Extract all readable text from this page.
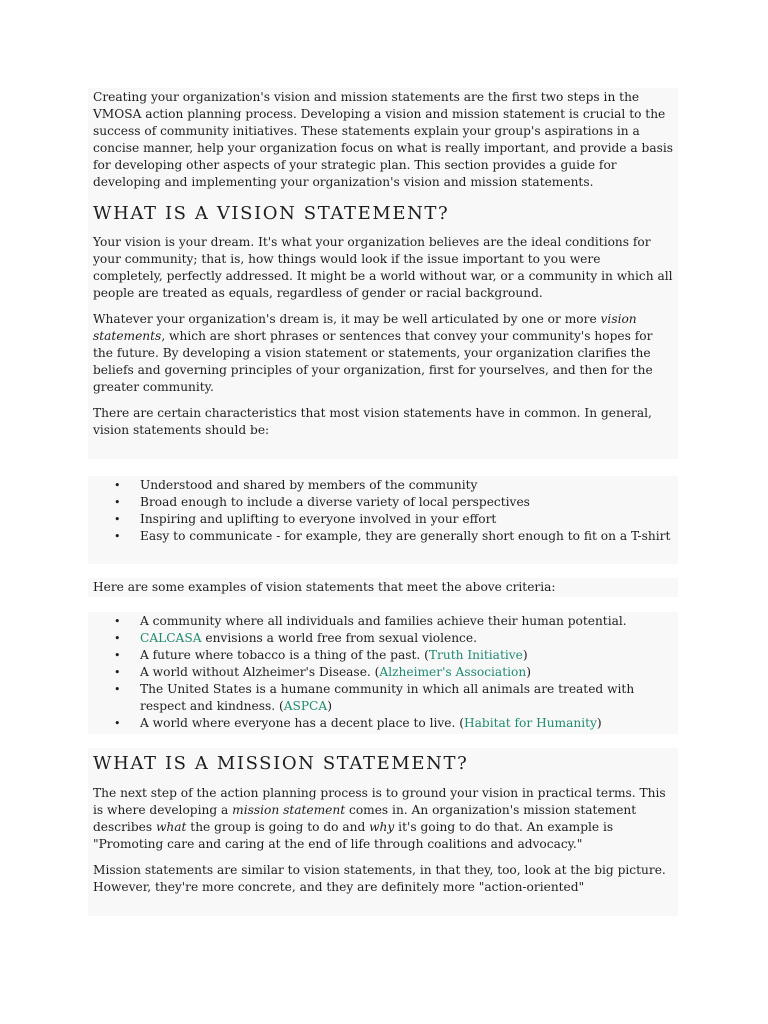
Creating your organization's vision and mission statements are the first two steps in the VMOSA action planning process. Developing a vision and mission statement is crucial to the success of community initiatives. These statements explain your group's aspirations in a concise manner, help your organization focus on what is really important, and provide a basis for developing other aspects of your strategic plan. This section provides a guide for developing and implementing your organization's vision and mission statements.

WHAT IS A VISION STATEMENT?

Your vision is your dream. It's what your organization believes are the ideal conditions for your community; that is, how things would look if the issue important to you were completely, perfectly addressed. It might be a world without war, or a community in which all people are treated as equals, regardless of gender or racial background.

Whatever your organization's dream is, it may be well articulated by one or more vision statements, which are short phrases or sentences that convey your community's hopes for the future. By developing a vision statement or statements, your organization clarifies the beliefs and governing principles of your organization, first for yourselves, and then for the greater community.

There are certain characteristics that most vision statements have in common. In general, vision statements should be:

• Understood and shared by members of the community
• Broad enough to include a diverse variety of local perspectives
• Inspiring and uplifting to everyone involved in your effort
• Easy to communicate - for example, they are generally short enough to fit on a T-shirt

Here are some examples of vision statements that meet the above criteria:

• A community where all individuals and families achieve their human potential.
• CALCASA envisions a world free from sexual violence.
• A future where tobacco is a thing of the past. (Truth Initiative)
• A world without Alzheimer's Disease. (Alzheimer's Association)
• The United States is a humane community in which all animals are treated with respect and kindness. (ASPCA)
• A world where everyone has a decent place to live. (Habitat for Humanity)
WHAT IS A MISSION STATEMENT?

The next step of the action planning process is to ground your vision in practical terms. This is where developing a mission statement comes in. An organization's mission statement describes what the group is going to do and why it's going to do that. An example is "Promoting care and caring at the end of life through coalitions and advocacy."

Mission statements are similar to vision statements, in that they, too, look at the big picture. However, they're more concrete, and they are definitely more "action-oriented"
